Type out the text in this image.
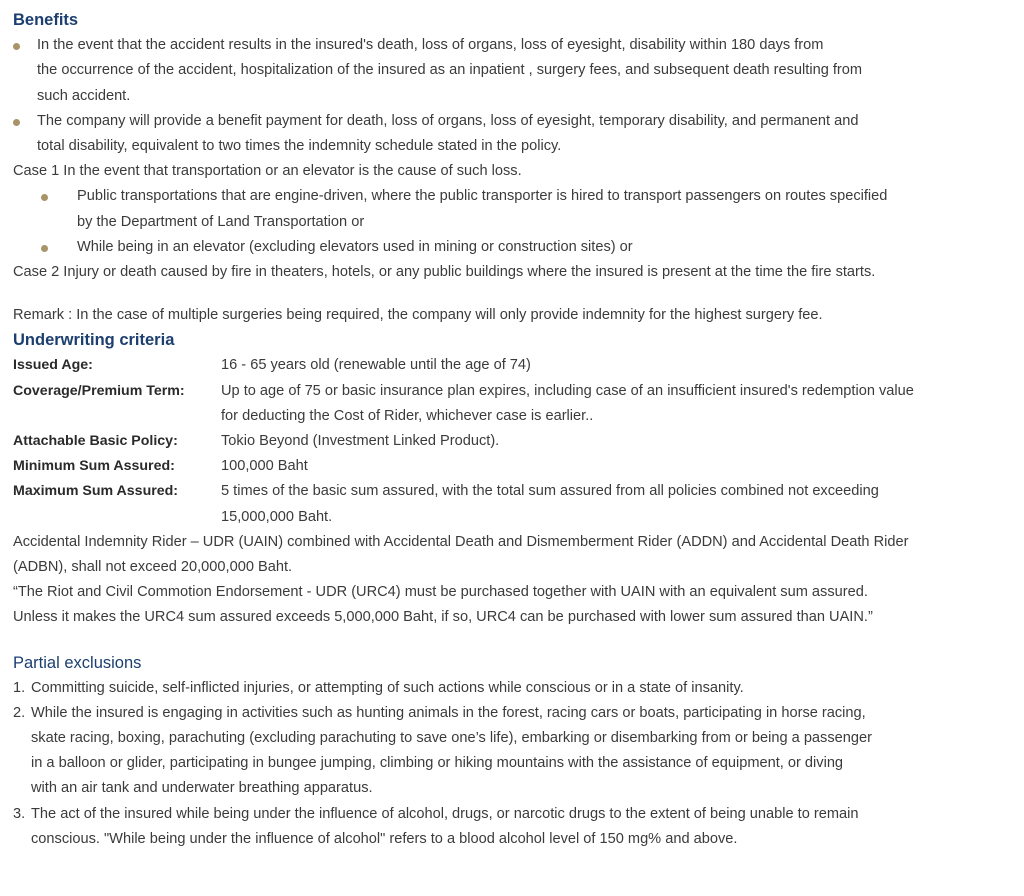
Benefits
In the event that the accident results in the insured's death, loss of organs, loss of eyesight, disability within 180 days from
the occurrence of the accident, hospitalization of the insured as an inpatient , surgery fees, and subsequent death resulting from
such accident.
The company will provide a benefit payment for death, loss of organs, loss of eyesight, temporary disability, and permanent and
total disability, equivalent to two times the indemnity schedule stated in the policy.
Case 1 In the event that transportation or an elevator is the cause of such loss.
Public transportations that are engine-driven, where the public transporter is hired to transport passengers on routes specified
by the Department of Land Transportation or
While being in an elevator (excluding elevators used in mining or construction sites) or
Case 2 Injury or death caused by fire in theaters, hotels, or any public buildings where the insured is present at the time the fire starts.
Remark : In the case of multiple surgeries being required, the company will only provide indemnity for the highest surgery fee.
Underwriting criteria
Issued Age:	16 - 65 years old (renewable until the age of 74)
Coverage/Premium Term: Up to age of 75 or basic insurance plan expires, including case of an insufficient insured's redemption value
for deducting the Cost of Rider, whichever case is earlier..
Attachable Basic Policy:	Tokio Beyond (Investment Linked Product).
Minimum Sum Assured:	100,000 Baht
Maximum Sum Assured:	5 times of the basic sum assured, with the total sum assured from all policies combined not exceeding
15,000,000 Baht.
Accidental Indemnity Rider – UDR (UAIN) combined with Accidental Death and Dismemberment Rider (ADDN) and Accidental Death Rider
(ADBN), shall not exceed 20,000,000 Baht.
“The Riot and Civil Commotion Endorsement - UDR (URC4) must be purchased together with UAIN with an equivalent sum assured.
Unless it makes the URC4 sum assured exceeds 5,000,000 Baht, if so, URC4 can be purchased with lower sum assured than UAIN.”
Partial exclusions
1. Committing suicide, self-inflicted injuries, or attempting of such actions while conscious or in a state of insanity.
2. While the insured is engaging in activities such as hunting animals in the forest, racing cars or boats, participating in horse racing,
skate racing, boxing, parachuting (excluding parachuting to save one’s life), embarking or disembarking from or being a passenger
in a balloon or glider, participating in bungee jumping, climbing or hiking mountains with the assistance of equipment, or diving
with an air tank and underwater breathing apparatus.
3. The act of the insured while being under the influence of alcohol, drugs, or narcotic drugs to the extent of being unable to remain
conscious. "While being under the influence of alcohol" refers to a blood alcohol level of 150 mg% and above.
